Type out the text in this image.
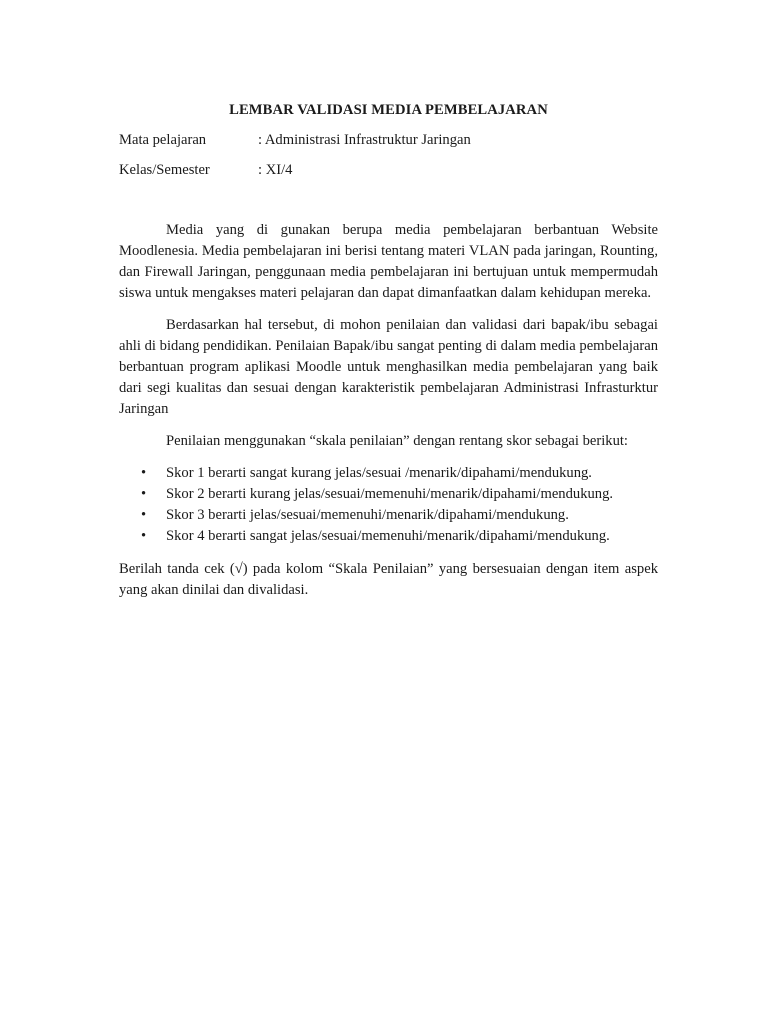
LEMBAR VALIDASI MEDIA PEMBELAJARAN
Mata pelajaran	: Administrasi Infrastruktur Jaringan
Kelas/Semester	: XI/4

Media yang di gunakan berupa media pembelajaran berbantuan Website Moodlenesia. Media pembelajaran ini berisi tentang materi VLAN pada jaringan, Rounting, dan Firewall Jaringan, penggunaan media pembelajaran ini bertujuan untuk mempermudah siswa untuk mengakses materi pelajaran dan dapat dimanfaatkan dalam kehidupan mereka.

Berdasarkan hal tersebut, di mohon penilaian dan validasi dari bapak/ibu sebagai ahli di bidang pendidikan. Penilaian Bapak/ibu sangat penting di dalam media pembelajaran berbantuan program aplikasi Moodle untuk menghasilkan media pembelajaran yang baik dari segi kualitas dan sesuai dengan karakteristik pembelajaran Administrasi Infrasturktur Jaringan

Penilaian menggunakan “skala penilaian” dengan rentang skor sebagai berikut:

•	Skor 1 berarti sangat kurang jelas/sesuai /menarik/dipahami/mendukung.
•	Skor 2 berarti kurang jelas/sesuai/memenuhi/menarik/dipahami/mendukung.
•	Skor 3 berarti jelas/sesuai/memenuhi/menarik/dipahami/mendukung.
•	Skor 4 berarti sangat jelas/sesuai/memenuhi/menarik/dipahami/mendukung.

Berilah tanda cek (√) pada kolom “Skala Penilaian” yang bersesuaian dengan item aspek yang akan dinilai dan divalidasi.
